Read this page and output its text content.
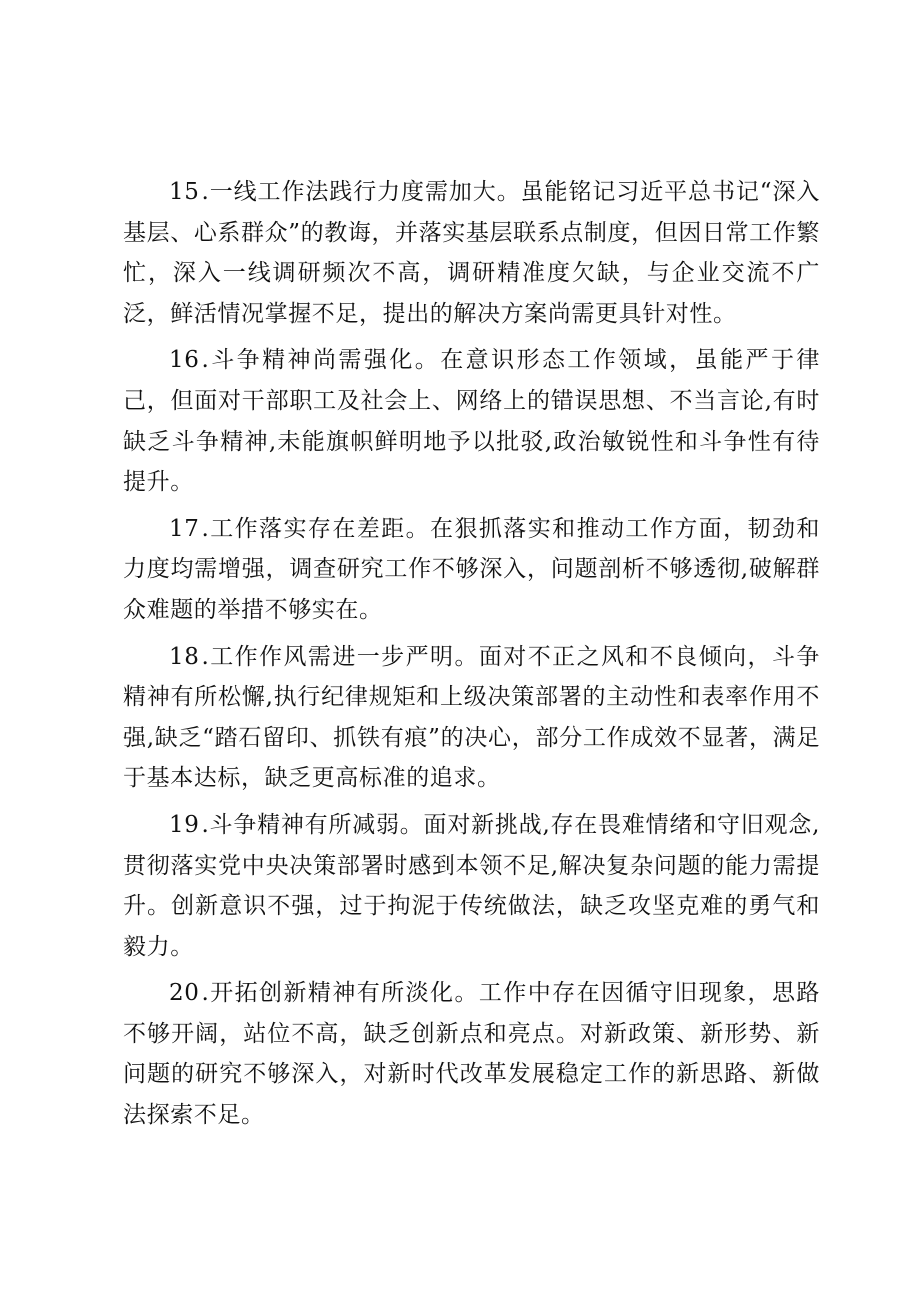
15.一线工作法践行力度需加大。虽能铭记习近平总书记“深入基层、心系群众”的教诲，并落实基层联系点制度，但因日常工作繁忙，深入一线调研频次不高，调研精准度欠缺，与企业交流不广泛，鲜活情况掌握不足，提出的解决方案尚需更具针对性。

16.斗争精神尚需强化。在意识形态工作领域，虽能严于律己，但面对干部职工及社会上、网络上的错误思想、不当言论,有时缺乏斗争精神,未能旗帜鲜明地予以批驳,政治敏锐性和斗争性有待提升。

17.工作落实存在差距。在狠抓落实和推动工作方面，韧劲和力度均需增强，调查研究工作不够深入，问题剖析不够透彻,破解群众难题的举措不够实在。

18.工作作风需进一步严明。面对不正之风和不良倾向，斗争精神有所松懈,执行纪律规矩和上级决策部署的主动性和表率作用不强,缺乏“踏石留印、抓铁有痕”的决心，部分工作成效不显著，满足于基本达标，缺乏更高标准的追求。

19.斗争精神有所减弱。面对新挑战,存在畏难情绪和守旧观念,贯彻落实党中央决策部署时感到本领不足,解决复杂问题的能力需提升。创新意识不强，过于拘泥于传统做法，缺乏攻坚克难的勇气和毅力。

20.开拓创新精神有所淡化。工作中存在因循守旧现象，思路不够开阔，站位不高，缺乏创新点和亮点。对新政策、新形势、新问题的研究不够深入，对新时代改革发展稳定工作的新思路、新做法探索不足。
